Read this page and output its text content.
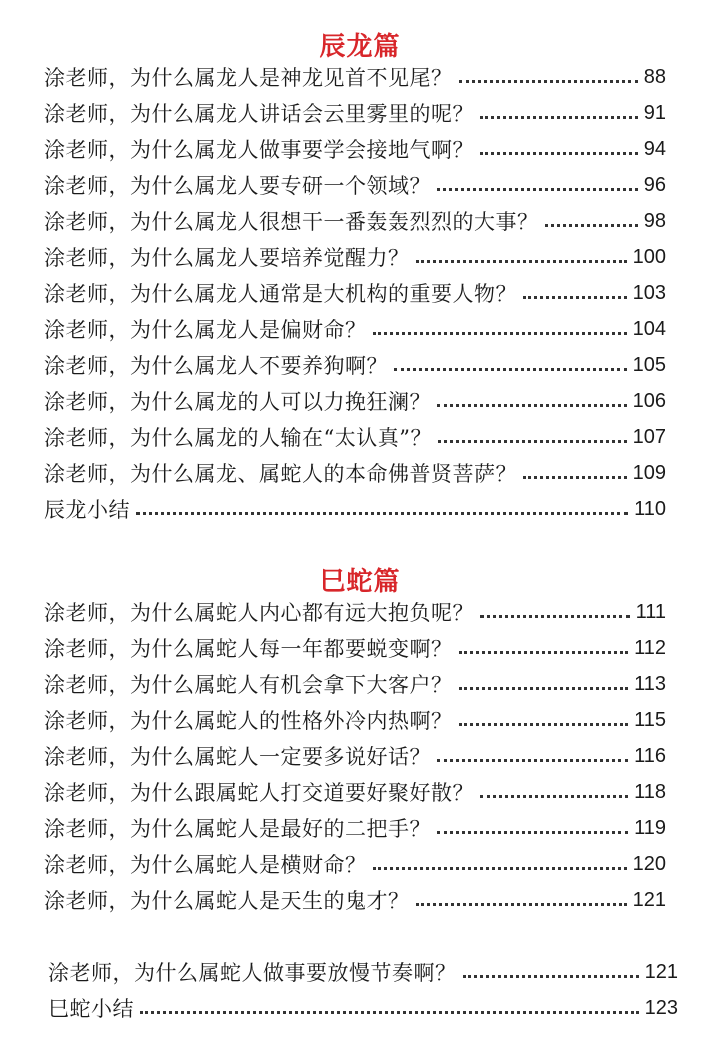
辰龙篇
涂老师，为什么属龙人是神龙见首不见尾？	88
涂老师，为什么属龙人讲话会云里雾里的呢？	91
涂老师，为什么属龙人做事要学会接地气啊？	94
涂老师，为什么属龙人要专研一个领域？	96
涂老师，为什么属龙人很想干一番轰轰烈烈的大事？	98
涂老师，为什么属龙人要培养觉醒力？	100
涂老师，为什么属龙人通常是大机构的重要人物？	103
涂老师，为什么属龙人是偏财命？	104
涂老师，为什么属龙人不要养狗啊？	105
涂老师，为什么属龙的人可以力挽狂澜？	106
涂老师，为什么属龙的人输在“太认真”？	107
涂老师，为什么属龙、属蛇人的本命佛普贤菩萨？	109
辰龙小结	110
巳蛇篇
涂老师，为什么属蛇人内心都有远大抱负呢？	111
涂老师，为什么属蛇人每一年都要蜕变啊？	112
涂老师，为什么属蛇人有机会拿下大客户？	113
涂老师，为什么属蛇人的性格外冷内热啊？	115
涂老师，为什么属蛇人一定要多说好话？	116
涂老师，为什么跟属蛇人打交道要好聚好散？	118
涂老师，为什么属蛇人是最好的二把手？	119
涂老师，为什么属蛇人是横财命？	120
涂老师，为什么属蛇人是天生的鬼才？	121
涂老师，为什么属蛇人做事要放慢节奏啊？	121
巳蛇小结	123
